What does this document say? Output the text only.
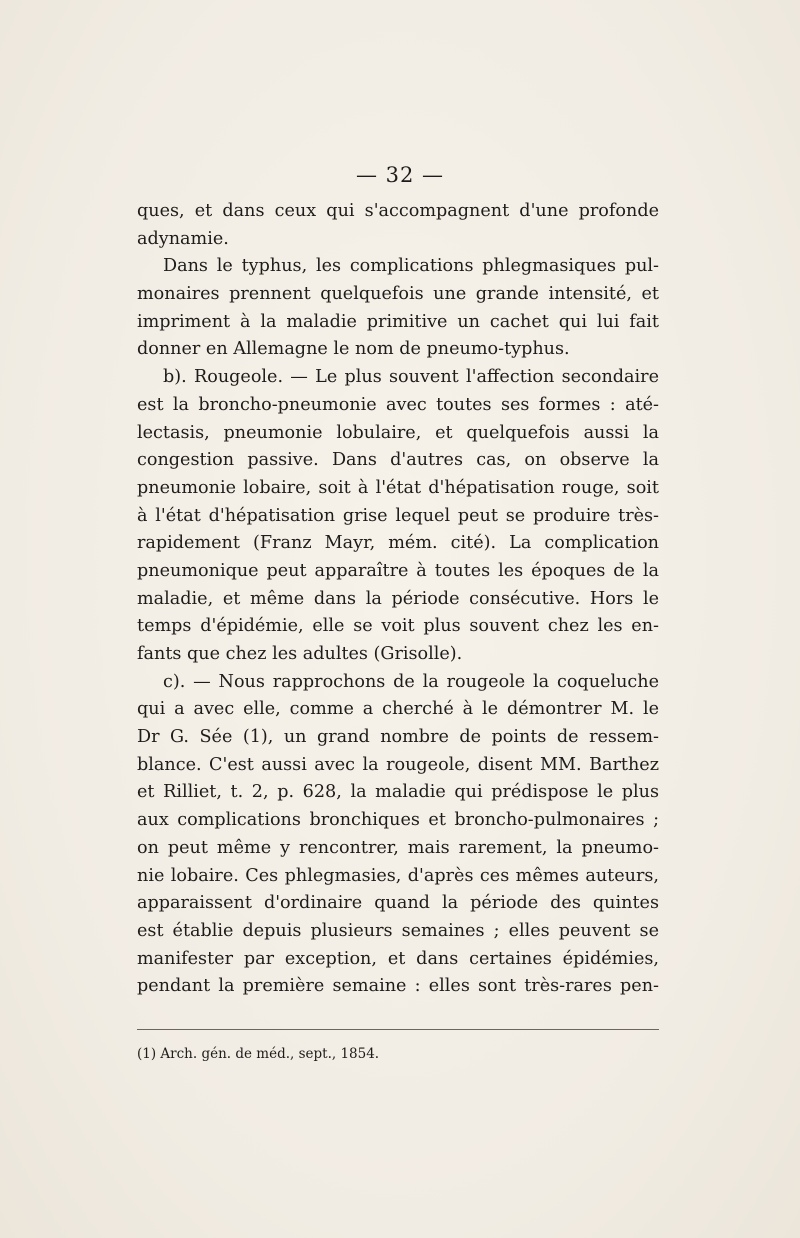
— 32 —
ques, et dans ceux qui s'accompagnent d'une profonde
adynamie.
Dans le typhus, les complications phlegmasiques pul-
monaires prennent quelquefois une grande intensité, et
impriment à la maladie primitive un cachet qui lui fait
donner en Allemagne le nom de pneumo-typhus.
b). Rougeole. — Le plus souvent l'affection secondaire
est la broncho-pneumonie avec toutes ses formes : até-
lectasis, pneumonie lobulaire, et quelquefois aussi la
congestion passive. Dans d'autres cas, on observe la
pneumonie lobaire, soit à l'état d'hépatisation rouge, soit
à l'état d'hépatisation grise lequel peut se produire très-
rapidement (Franz Mayr, mém. cité). La complication
pneumonique peut apparaître à toutes les époques de la
maladie, et même dans la période consécutive. Hors le
temps d'épidémie, elle se voit plus souvent chez les en-
fants que chez les adultes (Grisolle).
c). — Nous rapprochons de la rougeole la coqueluche
qui a avec elle, comme a cherché à le démontrer M. le
Dr G. Sée (1), un grand nombre de points de ressem-
blance. C'est aussi avec la rougeole, disent MM. Barthez
et Rilliet, t. 2, p. 628, la maladie qui prédispose le plus
aux complications bronchiques et broncho-pulmonaires ;
on peut même y rencontrer, mais rarement, la pneumo-
nie lobaire. Ces phlegmasies, d'après ces mêmes auteurs,
apparaissent d'ordinaire quand la période des quintes
est établie depuis plusieurs semaines ; elles peuvent se
manifester par exception, et dans certaines épidémies,
pendant la première semaine : elles sont très-rares pen-
(1) Arch. gén. de méd., sept., 1854.
